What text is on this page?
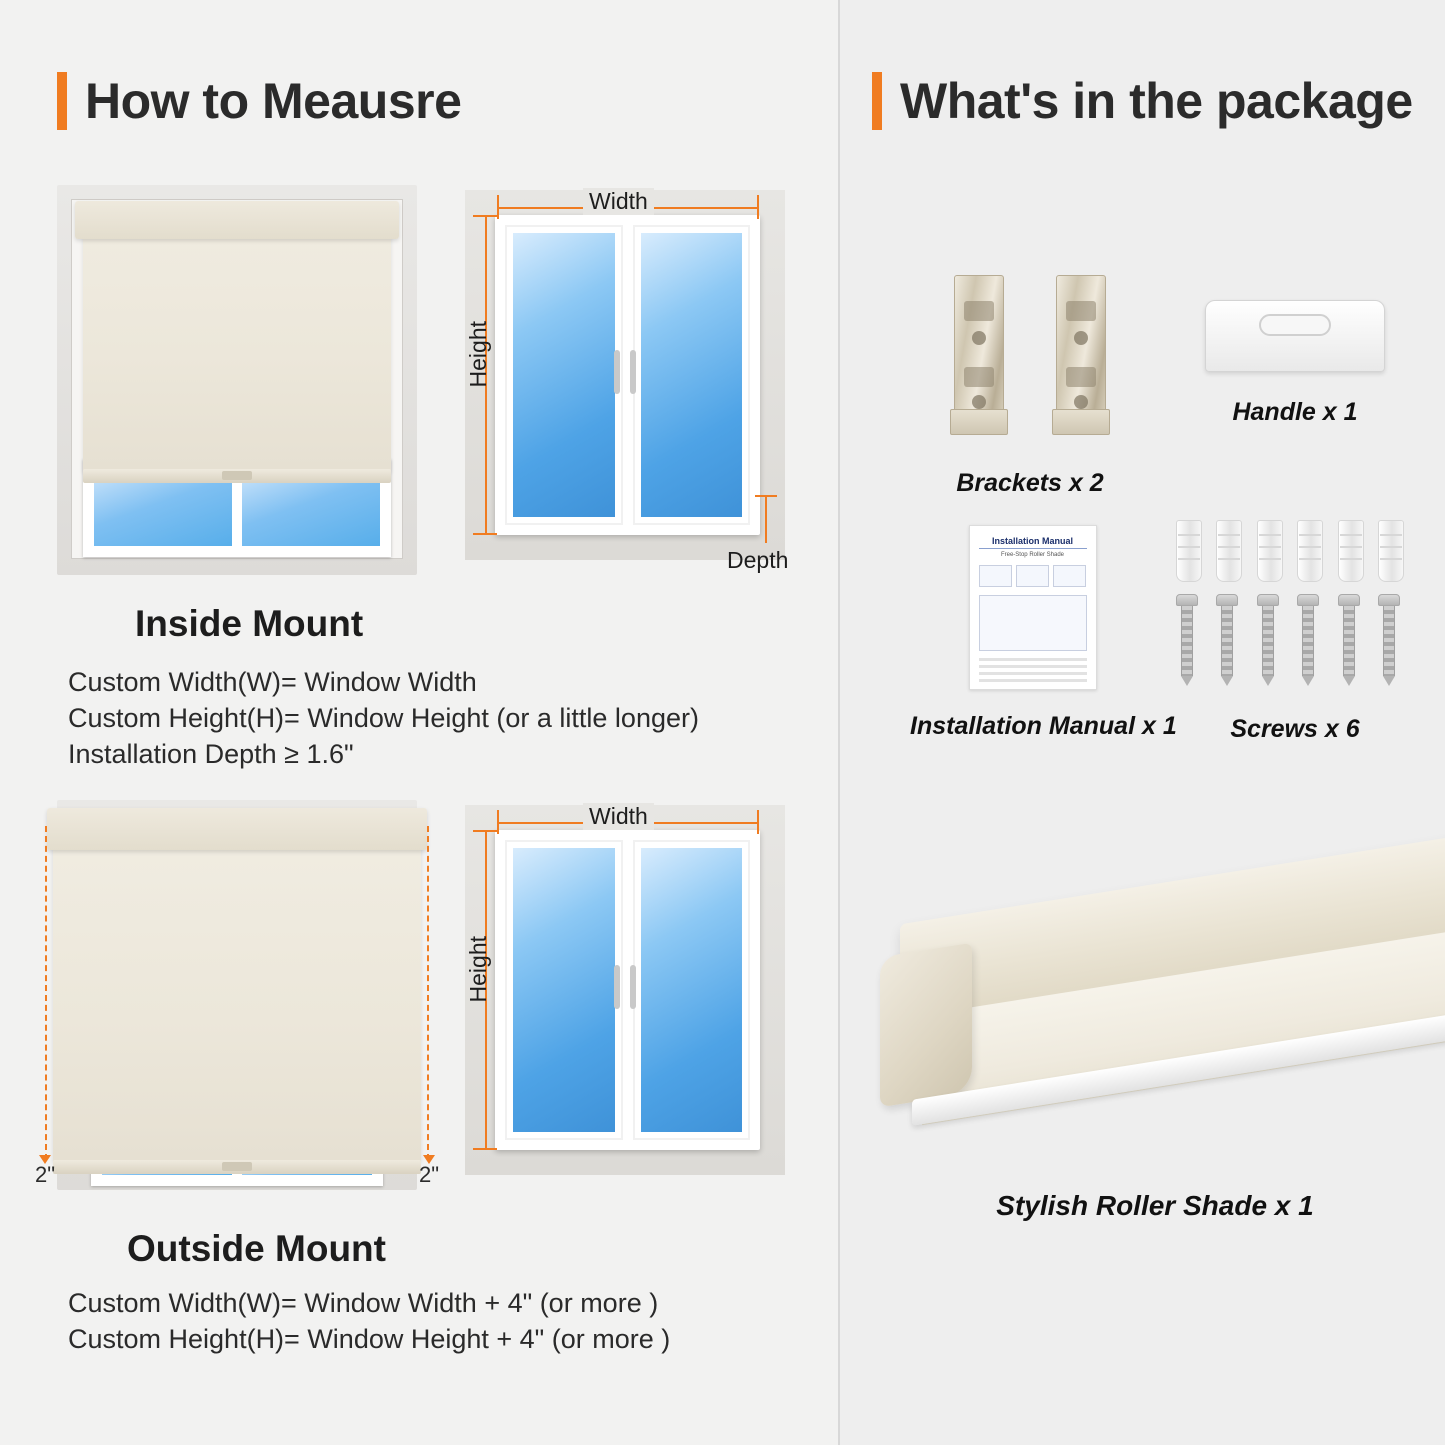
How to Meausre
Width
Height
Depth
Inside Mount
Custom Width(W)= Window Width
Custom Height(H)= Window Height (or a little longer)
Installation Depth ≥ 1.6"
2"	2"
Width
Height
Outside Mount
Custom Width(W)= Window Width + 4" (or more )
Custom Height(H)= Window Height + 4" (or more )
What's in the package

Brackets x 2
Handle x 1
Installation Manual
Free-Stop Roller Shade
Installation Manual x 1

	Screws x 6
Stylish Roller Shade x 1
